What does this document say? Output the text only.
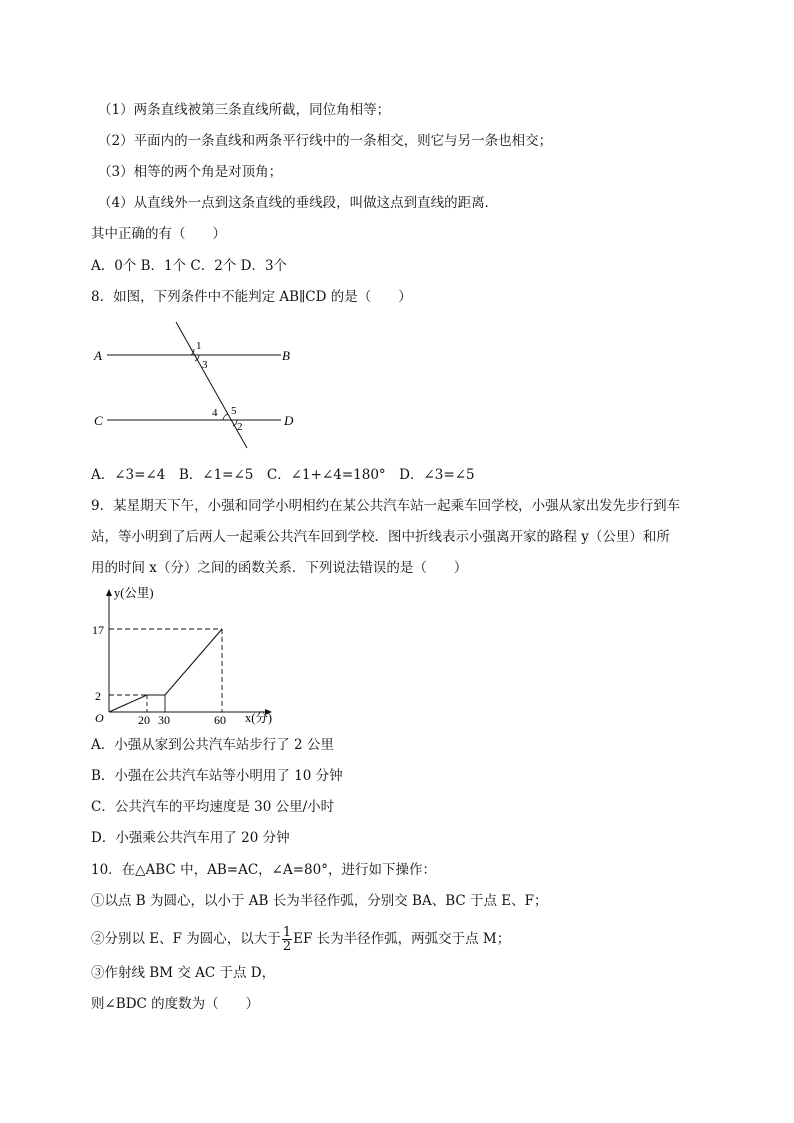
（1）两条直线被第三条直线所截，同位角相等；
（2）平面内的一条直线和两条平行线中的一条相交，则它与另一条也相交；
（3）相等的两个角是对顶角；
（4）从直线外一点到这条直线的垂线段，叫做这点到直线的距离．
其中正确的有（　　）
A．0个 B．1个 C．2个 D．3个
8．如图，下列条件中不能判定 AB∥CD 的是（　　）
A	B
C	D
1
3
4 5
2
A．∠3=∠4　B．∠1=∠5　C．∠1+∠4=180°　D．∠3=∠5
9．某星期天下午，小强和同学小明相约在某公共汽车站一起乘车回学校，小强从家出发先步行到车
站，等小明到了后两人一起乘公共汽车回到学校．图中折线表示小强离开家的路程 y（公里）和所
用的时间 x（分）之间的函数关系．下列说法错误的是（　　）
y(公里)
x(分)
O
17
2
20 30	60
A．小强从家到公共汽车站步行了 2 公里
B．小强在公共汽车站等小明用了 10 分钟
C．公共汽车的平均速度是 30 公里/小时
D．小强乘公共汽车用了 20 分钟
10．在△ABC 中，AB=AC，∠A=80°，进行如下操作：
①以点 B 为圆心，以小于 AB 长为半径作弧，分别交 BA、BC 于点 E、F；
②分别以 E、F 为圆心，以大于 $\frac{1}{2}$ EF 长为半径作弧，两弧交于点 M；
③作射线 BM 交 AC 于点 D，
则∠BDC 的度数为（　　）
